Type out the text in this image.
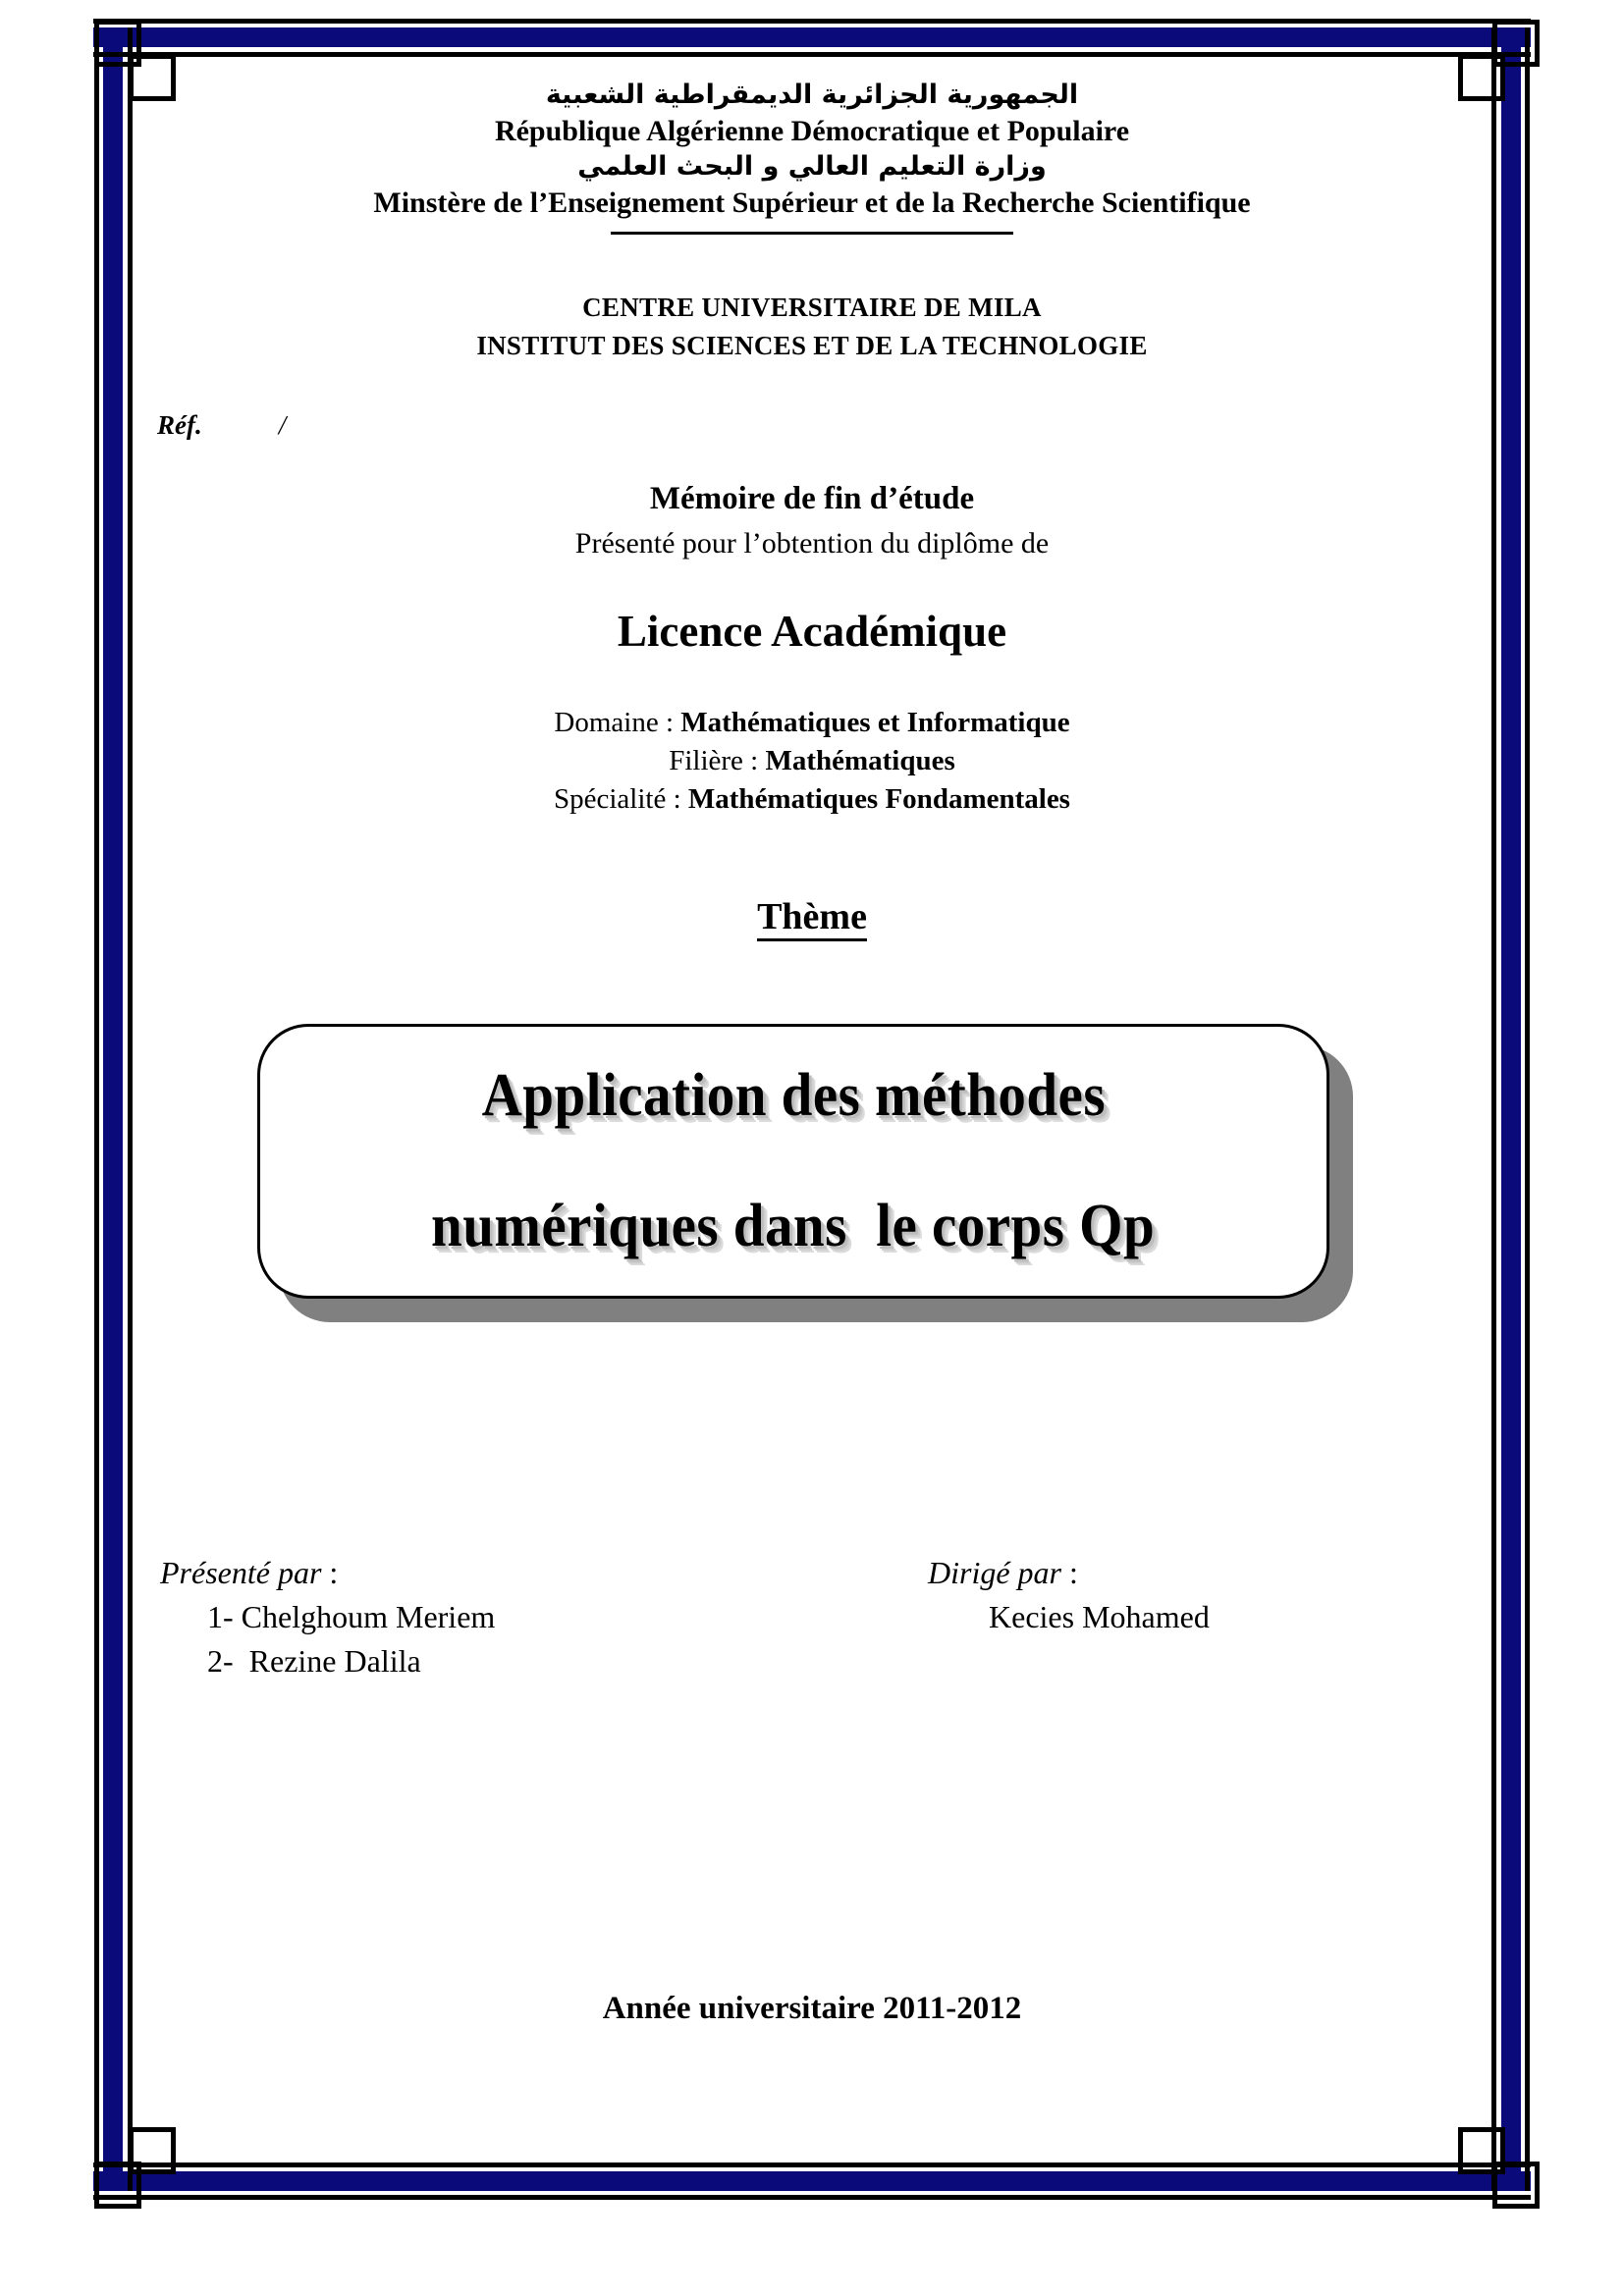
الجمهورية الجزائرية الديمقراطية الشعبية
République Algérienne Démocratique et Populaire
وزارة التعليم العالي و البحث العلمي
Minstère de l’Enseignement Supérieur et de la Recherche Scientifique
CENTRE UNIVERSITAIRE DE MILA
INSTITUT DES SCIENCES ET DE LA TECHNOLOGIE
Réf.	/
Mémoire de fin d’étude
Présenté pour l’obtention du diplôme de
Licence Académique
Domaine : Mathématiques et Informatique
Filière : Mathématiques
Spécialité : Mathématiques Fondamentales
Thème
Application des méthodes
numériques dans  le corps Qp
Présenté par :
1- Chelghoum Meriem
2-  Rezine Dalila
Dirigé par :
Kecies Mohamed
Année universitaire 2011-2012
